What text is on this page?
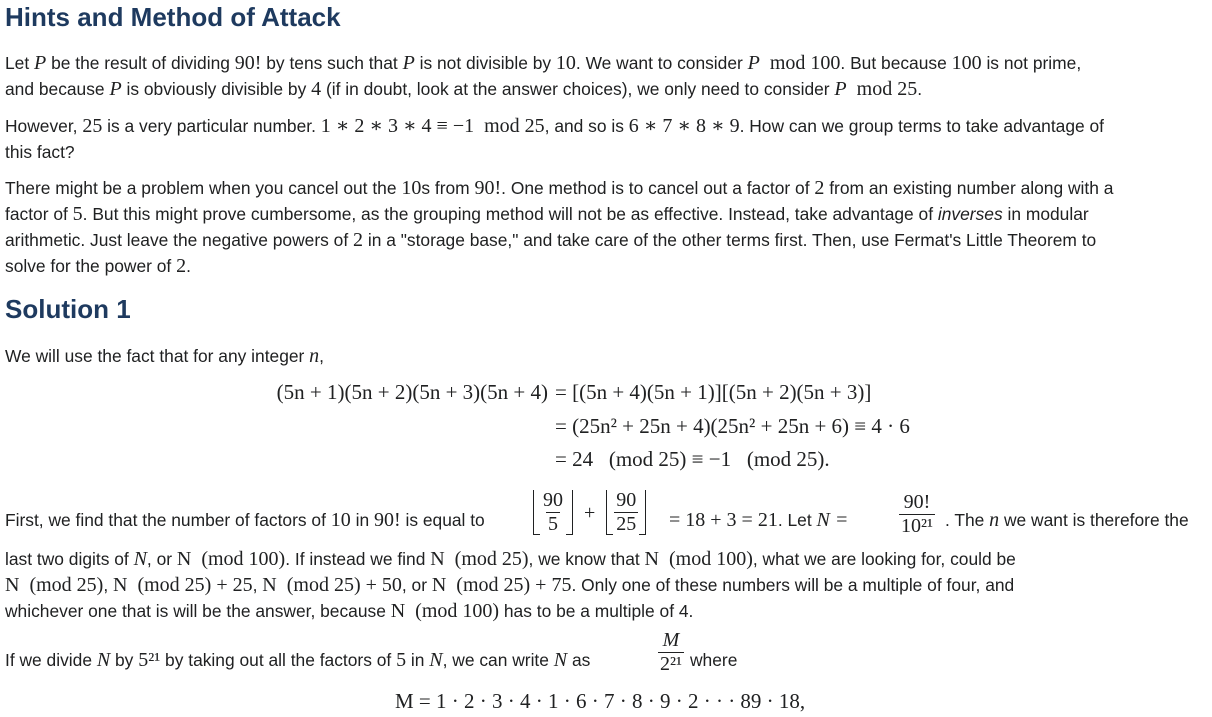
Hints and Method of Attack

Let P be the result of dividing 90! by tens such that P is not divisible by 10. We want to consider P  mod 100. But because 100 is not prime,
and because P is obviously divisible by 4 (if in doubt, look at the answer choices), we only need to consider P  mod 25.

However, 25 is a very particular number. 1 ∗ 2 ∗ 3 ∗ 4 ≡ −1  mod 25, and so is 6 ∗ 7 ∗ 8 ∗ 9. How can we group terms to take advantage of
this fact?

There might be a problem when you cancel out the 10s from 90!. One method is to cancel out a factor of 2 from an existing number along with a
factor of 5. But this might prove cumbersome, as the grouping method will not be as effective. Instead, take advantage of inverses in modular
arithmetic. Just leave the negative powers of 2 in a "storage base," and take care of the other terms first. Then, use Fermat's Little Theorem to
solve for the power of 2.

Solution 1

We will use the fact that for any integer n,

(5n + 1)(5n + 2)(5n + 3)(5n + 4) = [(5n + 4)(5n + 1)][(5n + 2)(5n + 3)]
= (25n² + 25n + 4)(25n² + 25n + 6) ≡ 4 · 6
= 24   (mod 25) ≡ −1   (mod 25).
First, we find that the number of factors of 10 in 90! is equal to	$\frac{90}{5} + \frac{90}{25} = 18 + 3 = 21$. Let N =	$\frac{90!}{\text{10²¹}}$ . The n we want is therefore the

last two digits of N, or N  (mod 100). If instead we find N  (mod 25), we know that N  (mod 100), what we are looking for, could be
N  (mod 25), N  (mod 25) + 25, N  (mod 25) + 50, or N  (mod 25) + 75. Only one of these numbers will be a multiple of four, and
whichever one that is will be the answer, because N  (mod 100) has to be a multiple of 4.

If we divide N by 5²¹ by taking out all the factors of 5 in N, we can write N as	$\frac{M}{\text{2²¹}}$ where
M = 1 · 2 · 3 · 4 · 1 · 6 · 7 · 8 · 9 · 2 · · · 89 · 18,
